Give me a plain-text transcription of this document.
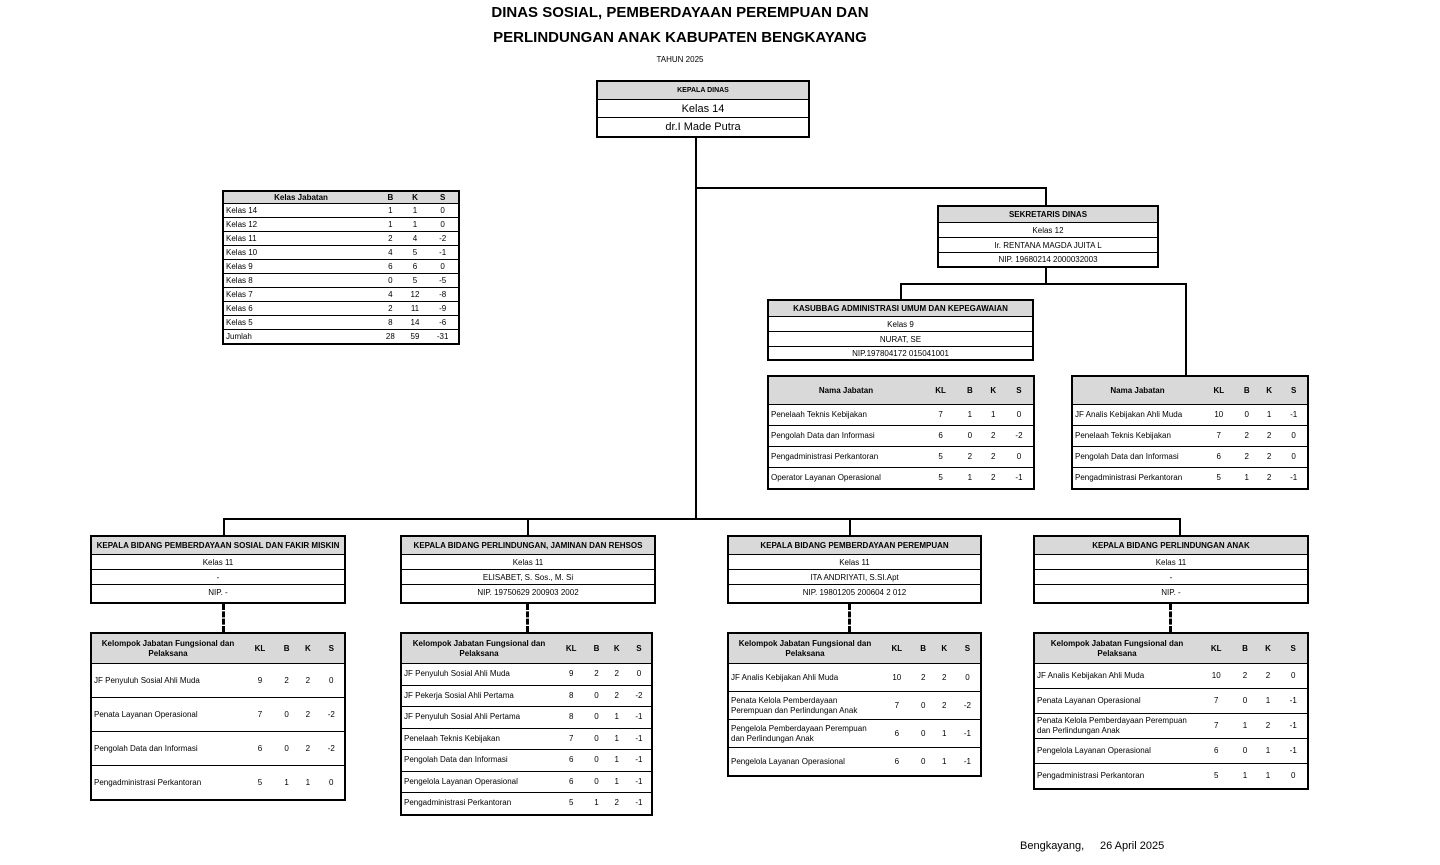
DINAS SOSIAL, PEMBERDAYAAN PEREMPUAN DAN
PERLINDUNGAN ANAK KABUPATEN BENGKAYANG
TAHUN 2025
KEPALA DINAS
Kelas 14
dr.I Made Putra
SEKRETARIS DINAS
Kelas 12
Ir. RENTANA MAGDA JUITA L
NIP. 19680214 2000032003
KASUBBAG ADMINISTRASI UMUM DAN KEPEGAWAIAN
Kelas 9
NURAT, SE
NIP.197804172 015041001
Kelas Jabatan	B	K	S
Kelas 14	1	1	0
Kelas 12	1	1	0
Kelas 11	2	4	-2
Kelas 10	4	5	-1
Kelas 9	6	6	0
Kelas 8	0	5	-5
Kelas 7	4	12	-8
Kelas 6	2	11	-9
Kelas 5	8	14	-6
Jumlah	28	59	-31
Nama Jabatan	KL	B	K	S
Penelaah Teknis Kebijakan	7	1	1	0
Pengolah Data dan Informasi	6	0	2	-2
Pengadministrasi Perkantoran	5	2	2	0
Operator Layanan Operasional	5	1	2	-1
Nama Jabatan	KL	B	K	S
JF Analis Kebijakan Ahli Muda	10	0	1	-1
Penelaah Teknis Kebijakan	7	2	2	0
Pengolah Data dan Informasi	6	2	2	0
Pengadministrasi Perkantoran	5	1	2	-1
KEPALA BIDANG PEMBERDAYAAN SOSIAL DAN FAKIR MISKIN
Kelas 11
-
NIP. -
KEPALA BIDANG PERLINDUNGAN, JAMINAN DAN REHSOS
Kelas 11
ELISABET, S. Sos., M. Si
NIP. 19750629 200903 2002
KEPALA BIDANG PEMBERDAYAAN PEREMPUAN
Kelas 11
ITA ANDRIYATI, S.SI.Apt
NIP. 19801205 200604 2 012
KEPALA BIDANG PERLINDUNGAN ANAK
Kelas 11
-
NIP. -
Kelompok Jabatan Fungsional dan Pelaksana	KL	B	K	S
JF Penyuluh Sosial Ahli Muda	9	2	2	0
Penata Layanan Operasional	7	0	2	-2
Pengolah Data dan Informasi	6	0	2	-2
Pengadministrasi Perkantoran	5	1	1	0
Kelompok Jabatan Fungsional dan Pelaksana	KL	B	K	S
JF Penyuluh Sosial Ahli Muda	9	2	2	0
JF Pekerja Sosial Ahli Pertama	8	0	2	-2
JF Penyuluh Sosial Ahli Pertama	8	0	1	-1
Penelaah Teknis Kebijakan	7	0	1	-1
Pengolah Data dan Informasi	6	0	1	-1
Pengelola Layanan Operasional	6	0	1	-1
Pengadministrasi Perkantoran	5	1	2	-1
Kelompok Jabatan Fungsional dan Pelaksana	KL	B	K	S
JF Analis Kebijakan Ahli Muda	10	2	2	0
Penata Kelola Pemberdayaan Perempuan dan Perlindungan Anak	7	0	2	-2
Pengelola Pemberdayaan Perempuan dan Perlindungan Anak	6	0	1	-1
Pengelola Layanan Operasional	6	0	1	-1
Kelompok Jabatan Fungsional dan Pelaksana	KL	B	K	S
JF Analis Kebijakan Ahli Muda	10	2	2	0
Penata Layanan Operasional	7	0	1	-1
Penata Kelola Pemberdayaan Perempuan dan Perlindungan Anak	7	1	2	-1
Pengelola Layanan Operasional	6	0	1	-1
Pengadministrasi Perkantoran	5	1	1	0
Bengkayang, 26 April 2025
